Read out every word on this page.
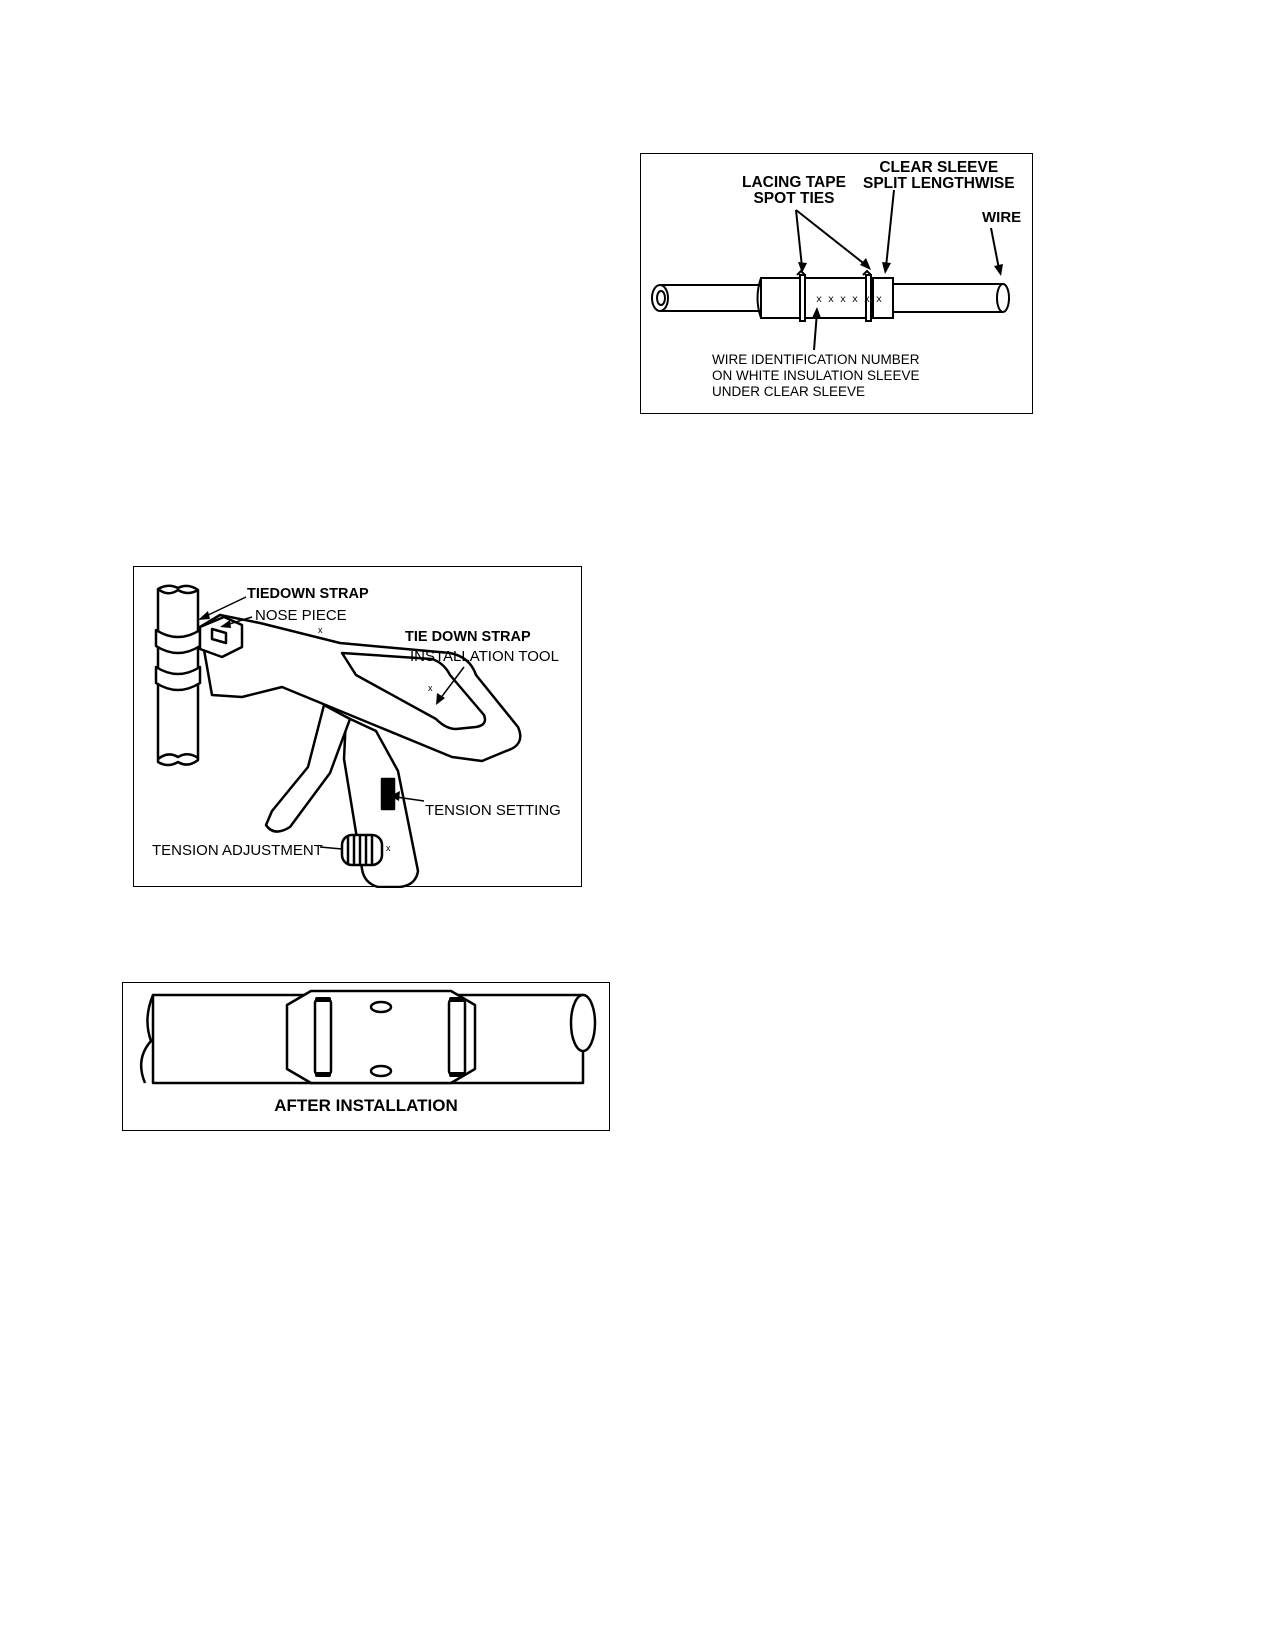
x x x x x x
LACING TAPE
SPOT TIES
CLEAR SLEEVE
SPLIT LENGTHWISE
WIRE
WIRE IDENTIFICATION NUMBER
ON WHITE INSULATION SLEEVE
UNDER CLEAR SLEEVE
x
x
x
TIEDOWN STRAP
NOSE PIECE
TIE DOWN STRAP
INSTALLATION TOOL
TENSION SETTING
TENSION ADJUSTMENT
AFTER INSTALLATION
